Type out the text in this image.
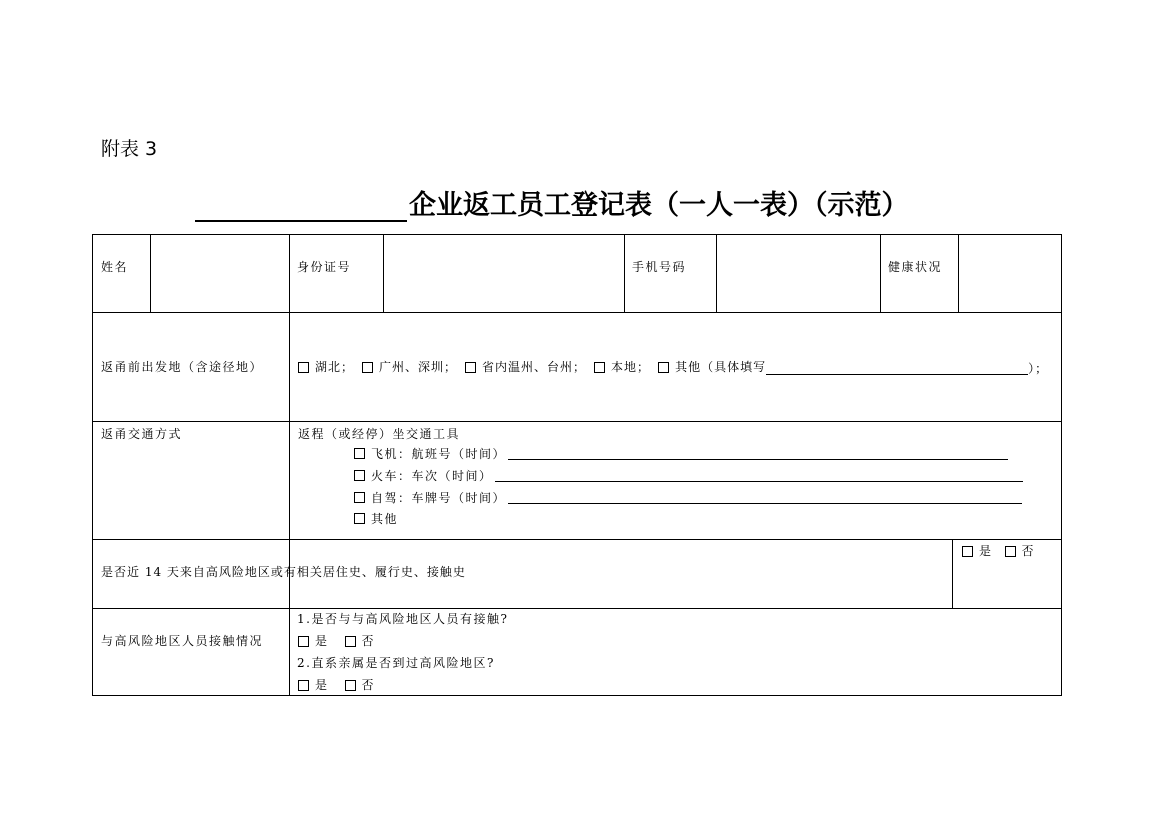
附表 3
企业返工员工登记表（一人一表）（示范）
姓名	身份证号	手机号码	健康状况
返甬前出发地（含途径地）	湖北； 广州、深圳； 省内温州、台州； 本地； 其他（具体填写	）；
返甬交通方式	返程（或经停）坐交通工具
飞机：航班号（时间）
火车：车次（时间）
自驾：车牌号（时间）
其他
是否近 14 天来自高风险地区或有相关居住史、履行史、接触史
是 否
与高风险地区人员接触情况
1.是否与与高风险地区人员有接触?
是	否
2.直系亲属是否到过高风险地区?
是	否
